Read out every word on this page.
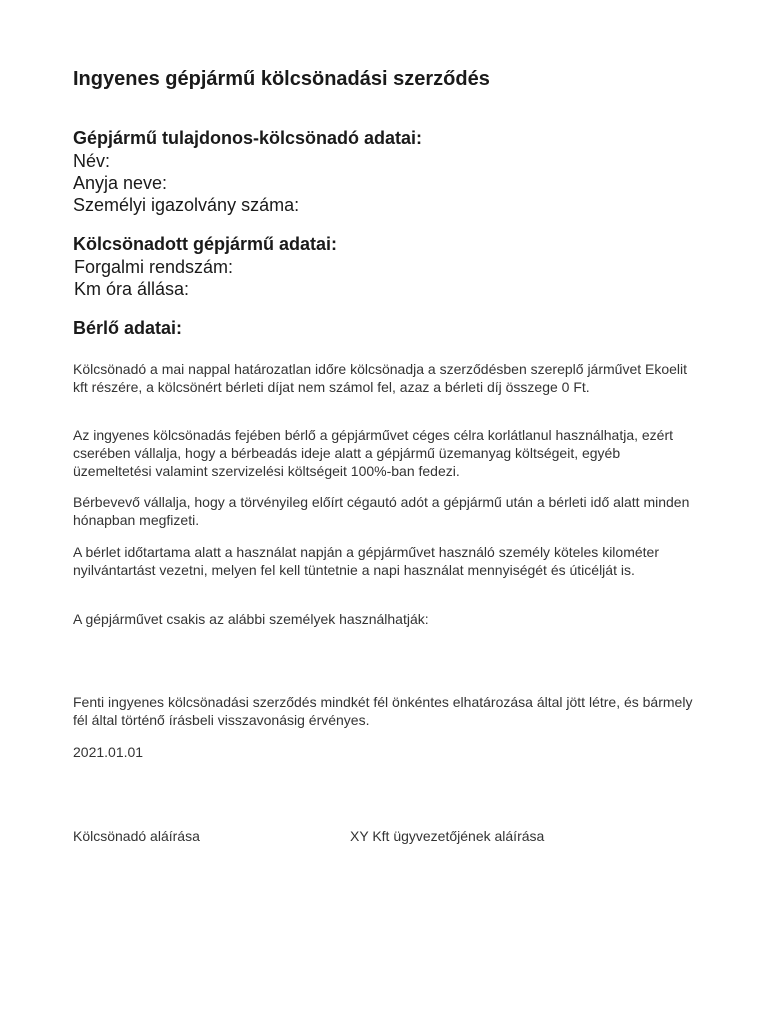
Ingyenes gépjármű kölcsönadási szerződés

Gépjármű tulajdonos-kölcsönadó adatai:

Név:

Anyja neve:

Személyi igazolvány száma:

Kölcsönadott gépjármű adatai:

Forgalmi rendszám:

Km óra állása:

Bérlő adatai:

Kölcsönadó a mai nappal határozatlan időre kölcsönadja a szerződésben szereplő járművet Ekoelit kft részére, a kölcsönért bérleti díjat nem számol fel, azaz a bérleti díj összege 0 Ft.

Az ingyenes kölcsönadás fejében bérlő a gépjárművet céges célra korlátlanul használhatja, ezért cserében vállalja, hogy a bérbeadás ideje alatt a gépjármű üzemanyag költségeit, egyéb üzemeltetési valamint szervizelési költségeit 100%-ban fedezi.

Bérbevevő vállalja, hogy a törvényileg előírt cégautó adót a gépjármű után a bérleti idő alatt minden hónapban megfizeti.

A bérlet időtartama alatt a használat napján a gépjárművet használó személy köteles kilométer nyilvántartást vezetni, melyen fel kell tüntetnie a napi használat mennyiségét és úticélját is.

A gépjárművet csakis az alábbi személyek használhatják:

Fenti ingyenes kölcsönadási szerződés mindkét fél önkéntes elhatározása által jött létre, és bármely fél által történő írásbeli visszavonásig érvényes.

2021.01.01

Kölcsönadó aláírása	XY Kft ügyvezetőjének aláírása
